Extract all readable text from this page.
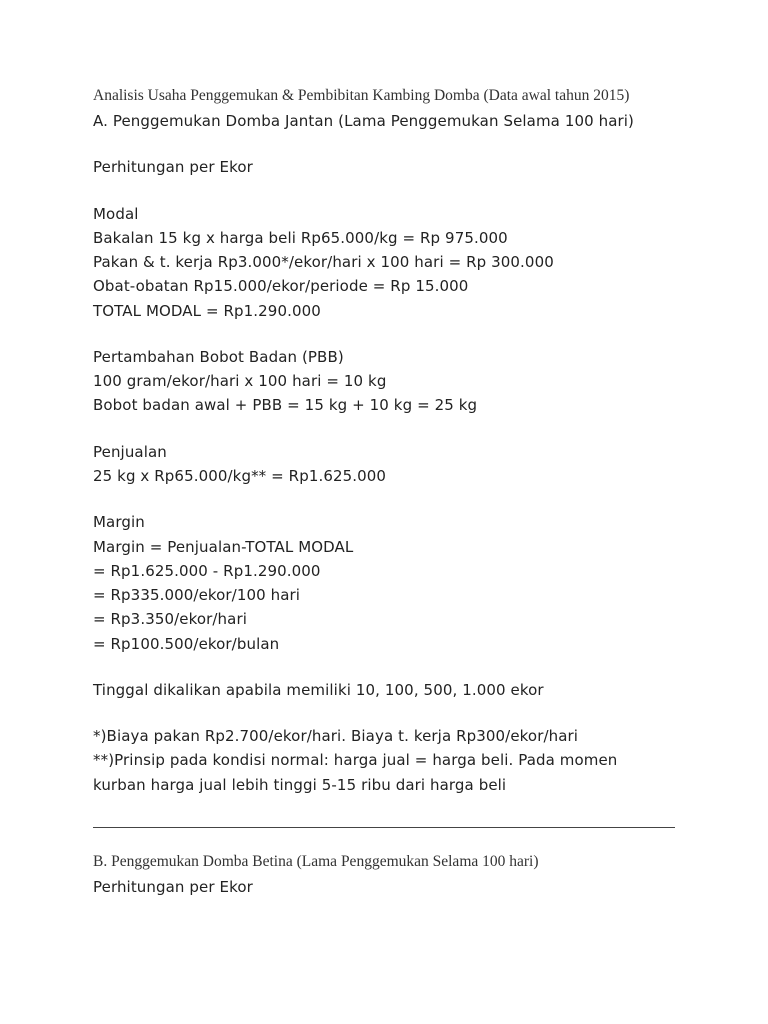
Analisis Usaha Penggemukan & Pembibitan Kambing Domba (Data awal tahun 2015)
A. Penggemukan Domba Jantan (Lama Penggemukan Selama 100 hari)
Perhitungan per Ekor
Modal
Bakalan 15 kg x harga beli Rp65.000/kg = Rp 975.000
Pakan & t. kerja Rp3.000*/ekor/hari x 100 hari = Rp 300.000
Obat-obatan Rp15.000/ekor/periode = Rp 15.000
TOTAL MODAL = Rp1.290.000
Pertambahan Bobot Badan (PBB)
100 gram/ekor/hari x 100 hari = 10 kg
Bobot badan awal + PBB = 15 kg + 10 kg = 25 kg
Penjualan
25 kg x Rp65.000/kg** = Rp1.625.000
Margin
Margin = Penjualan-TOTAL MODAL
= Rp1.625.000 - Rp1.290.000
= Rp335.000/ekor/100 hari
= Rp3.350/ekor/hari
= Rp100.500/ekor/bulan
Tinggal dikalikan apabila memiliki 10, 100, 500, 1.000 ekor
*)Biaya pakan Rp2.700/ekor/hari. Biaya t. kerja Rp300/ekor/hari
**)Prinsip pada kondisi normal: harga jual = harga beli. Pada momen
kurban harga jual lebih tinggi 5-15 ribu dari harga beli
B. Penggemukan Domba Betina (Lama Penggemukan Selama 100 hari)
Perhitungan per Ekor
